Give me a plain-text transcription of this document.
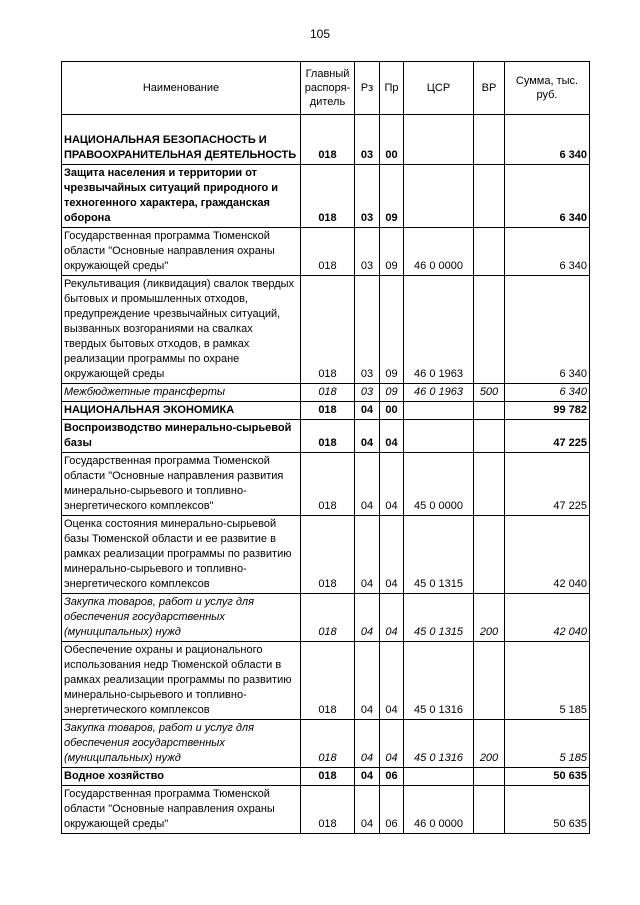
105
Наименование	Главный распоря-дитель	Рз	Пр	ЦСР	ВР	Сумма, тыс. руб.
НАЦИОНАЛЬНАЯ БЕЗОПАСНОСТЬ И ПРАВООХРАНИТЕЛЬНАЯ ДЕЯТЕЛЬНОСТЬ	018	03	00			6 340
Защита населения и территории от чрезвычайных ситуаций природного и техногенного характера, гражданская оборона	018	03	09			6 340
Государственная программа Тюменской области "Основные направления охраны окружающей среды"	018	03	09	46 0 0000		6 340
Рекультивация (ликвидация) свалок твердых бытовых и промышленных отходов, предупреждение чрезвычайных ситуаций, вызванных возгораниями на свалках твердых бытовых отходов, в рамках реализации программы по охране окружающей среды	018	03	09	46 0 1963		6 340
Межбюджетные трансферты	018	03	09	46 0 1963	500	6 340
НАЦИОНАЛЬНАЯ ЭКОНОМИКА	018	04	00			99 782
Воспроизводство минерально-сырьевой базы	018	04	04			47 225
Государственная программа Тюменской области "Основные направления развития минерально-сырьевого и топливно-энергетического комплексов"	018	04	04	45 0 0000		47 225
Оценка состояния минерально-сырьевой базы Тюменской области и ее развитие в рамках реализации программы по развитию минерально-сырьевого и топливно-энергетического комплексов	018	04	04	45 0 1315		42 040
Закупка товаров, работ и услуг для обеспечения государственных (муниципальных) нужд	018	04	04	45 0 1315	200	42 040
Обеспечение охраны и рационального использования недр Тюменской области в рамках реализации программы по развитию минерально-сырьевого и топливно-энергетического комплексов	018	04	04	45 0 1316		5 185
Закупка товаров, работ и услуг для обеспечения государственных (муниципальных) нужд	018	04	04	45 0 1316	200	5 185
Водное хозяйство	018	04	06			50 635
Государственная программа Тюменской области "Основные направления охраны окружающей среды"	018	04	06	46 0 0000		50 635
